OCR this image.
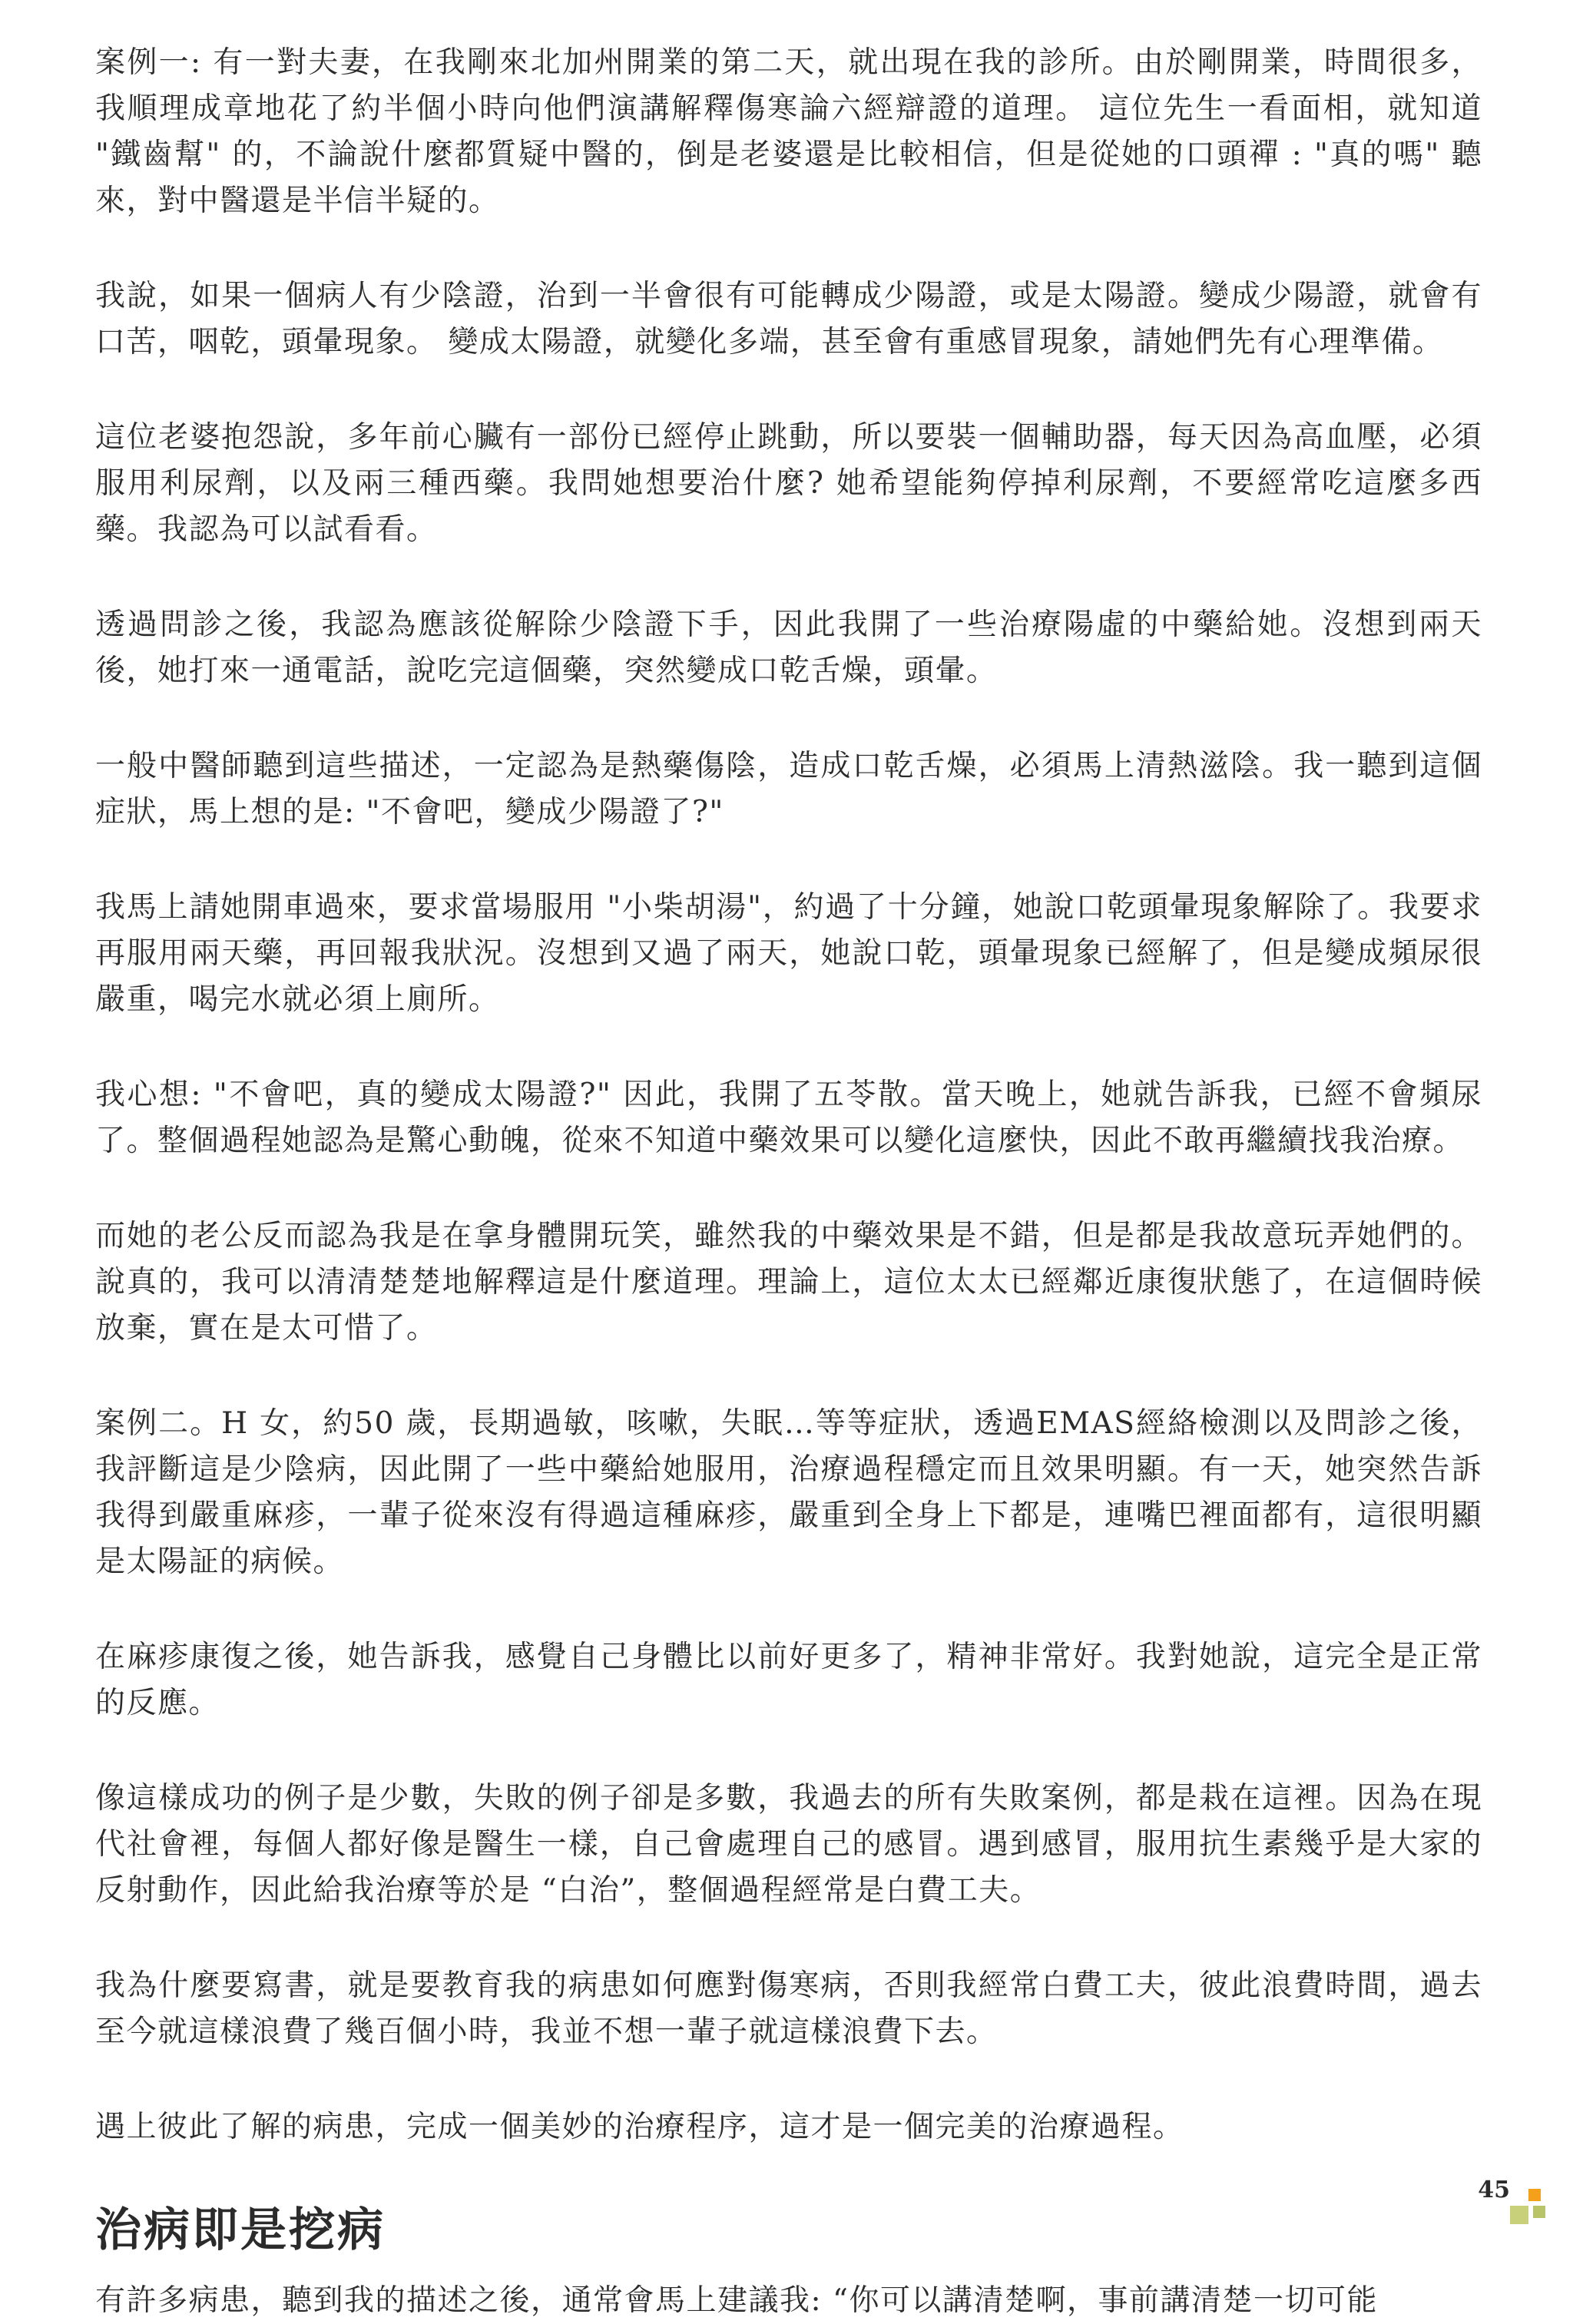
案例一: 有一對夫妻，在我剛來北加州開業的第二天，就出現在我的診所。由於剛開業，時間很多，我順理成章地花了約半個小時向他們演講解釋傷寒論六經辯證的道理。 這位先生一看面相，就知道 "鐵齒幫" 的，不論說什麼都質疑中醫的，倒是老婆還是比較相信，但是從她的口頭禪 : "真的嗎" 聽來，對中醫還是半信半疑的。

我說，如果一個病人有少陰證，治到一半會很有可能轉成少陽證，或是太陽證。變成少陽證，就會有口苦，咽乾，頭暈現象。 變成太陽證，就變化多端，甚至會有重感冒現象，請她們先有心理準備。

這位老婆抱怨說，多年前心臟有一部份已經停止跳動，所以要裝一個輔助器，每天因為高血壓，必須服用利尿劑，以及兩三種西藥。我問她想要治什麼? 她希望能夠停掉利尿劑，不要經常吃這麼多西藥。我認為可以試看看。

透過問診之後，我認為應該從解除少陰證下手，因此我開了一些治療陽虛的中藥給她。沒想到兩天後，她打來一通電話，說吃完這個藥，突然變成口乾舌燥，頭暈。

一般中醫師聽到這些描述，一定認為是熱藥傷陰，造成口乾舌燥，必須馬上清熱滋陰。我一聽到這個症狀，馬上想的是: "不會吧，變成少陽證了?"

我馬上請她開車過來，要求當場服用 "小柴胡湯"，約過了十分鐘，她說口乾頭暈現象解除了。我要求再服用兩天藥，再回報我狀況。沒想到又過了兩天，她說口乾，頭暈現象已經解了，但是變成頻尿很嚴重，喝完水就必須上廁所。

我心想: "不會吧，真的變成太陽證?" 因此，我開了五苓散。當天晚上，她就告訴我，已經不會頻尿了。整個過程她認為是驚心動魄，從來不知道中藥效果可以變化這麼快，因此不敢再繼續找我治療。

而她的老公反而認為我是在拿身體開玩笑，雖然我的中藥效果是不錯，但是都是我故意玩弄她們的。說真的，我可以清清楚楚地解釋這是什麼道理。理論上，這位太太已經鄰近康復狀態了，在這個時候放棄，實在是太可惜了。

案例二。H 女，約50 歲，長期過敏，咳嗽，失眠…等等症狀，透過EMAS經絡檢測以及問診之後，我評斷這是少陰病，因此開了一些中藥給她服用，治療過程穩定而且效果明顯。有一天，她突然告訴我得到嚴重麻疹，一輩子從來沒有得過這種麻疹，嚴重到全身上下都是，連嘴巴裡面都有，這很明顯是太陽証的病候。

在麻疹康復之後，她告訴我，感覺自己身體比以前好更多了，精神非常好。我對她說，這完全是正常的反應。

像這樣成功的例子是少數，失敗的例子卻是多數，我過去的所有失敗案例，都是栽在這裡。因為在現代社會裡，每個人都好像是醫生一樣，自己會處理自己的感冒。遇到感冒，服用抗生素幾乎是大家的反射動作，因此給我治療等於是 “白治”，整個過程經常是白費工夫。

我為什麼要寫書，就是要教育我的病患如何應對傷寒病，否則我經常白費工夫，彼此浪費時間，過去至今就這樣浪費了幾百個小時，我並不想一輩子就這樣浪費下去。

遇上彼此了解的病患，完成一個美妙的治療程序，這才是一個完美的治療過程。

治病即是挖病

有許多病患，聽到我的描述之後，通常會馬上建議我: “你可以講清楚啊，事前講清楚一切可能

45
